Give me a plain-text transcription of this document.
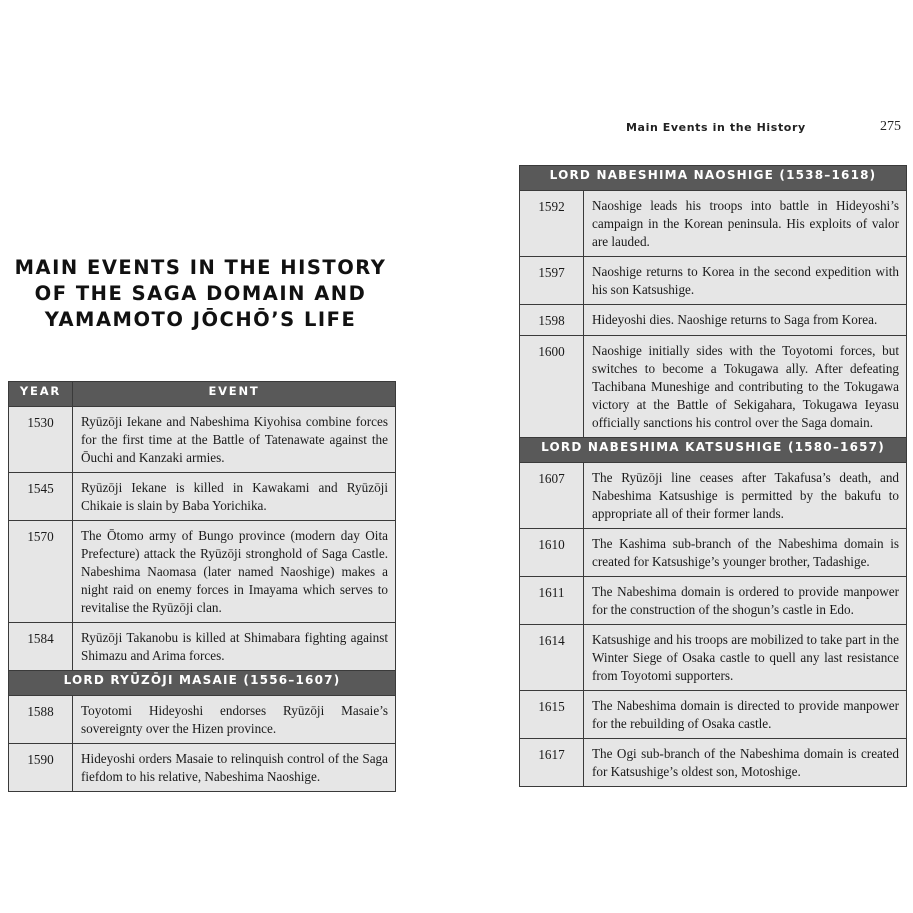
MAIN EVENTS IN THE HISTORY
OF THE SAGA DOMAIN AND
YAMAMOTO JŌCHŌ’S LIFE
YEAR	EVENT
1530	Ryūzōji Iekane and Nabeshima Kiyohisa combine forces for the first time at the Battle of Tatenawate against the Ōuchi and Kanzaki armies.
1545	Ryūzōji Iekane is killed in Kawakami and Ryūzōji Chikaie is slain by Baba Yorichika.
1570	The Ōtomo army of Bungo province (modern day Oita Prefecture) attack the Ryūzōji stronghold of Saga Castle. Nabeshima Naomasa (later named Naoshige) makes a night raid on enemy forces in Imayama which serves to revitalise the Ryūzōji clan.
1584	Ryūzōji Takanobu is killed at Shimabara fighting against Shimazu and Arima forces.
LORD RYŪZŌJI MASAIE (1556–1607)	
1588	Toyotomi Hideyoshi endorses Ryūzōji Masaie’s sovereignty over the Hizen province.
1590	Hideyoshi orders Masaie to relinquish control of the Saga fiefdom to his relative, Nabeshima Naoshige.
Main Events in the History	275
LORD NABESHIMA NAOSHIGE (1538–1618)	
1592	Naoshige leads his troops into battle in Hideyoshi’s campaign in the Korean peninsula. His exploits of valor are lauded.
1597	Naoshige returns to Korea in the second expedition with his son Katsushige.
1598	Hideyoshi dies. Naoshige returns to Saga from Korea.
1600	Naoshige initially sides with the Toyotomi forces, but switches to become a Tokugawa ally. After defeating Tachibana Muneshige and contributing to the Tokugawa victory at the Battle of Sekigahara, Tokugawa Ieyasu officially sanctions his control over the Saga domain.
LORD NABESHIMA KATSUSHIGE (1580–1657)	
1607	The Ryūzōji line ceases after Takafusa’s death, and Nabeshima Katsushige is permitted by the bakufu to appropriate all of their former lands.
1610	The Kashima sub-branch of the Nabeshima domain is created for Katsushige’s younger brother, Tadashige.
1611	The Nabeshima domain is ordered to provide manpower for the construction of the shogun’s castle in Edo.
1614	Katsushige and his troops are mobilized to take part in the Winter Siege of Osaka castle to quell any last resistance from Toyotomi supporters.
1615	The Nabeshima domain is directed to provide manpower for the rebuilding of Osaka castle.
1617	The Ogi sub-branch of the Nabeshima domain is created for Katsushige’s oldest son, Motoshige.
